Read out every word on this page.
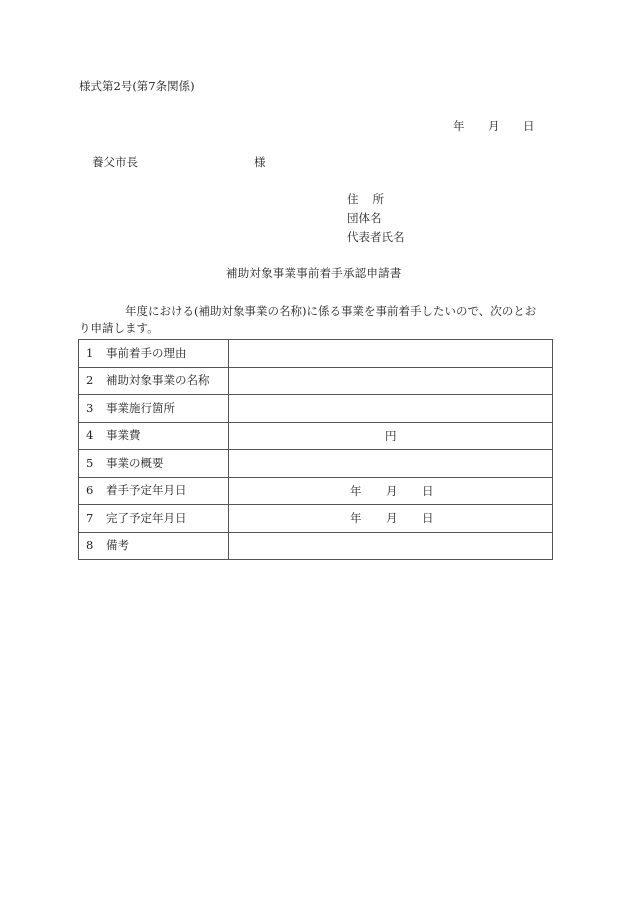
様式第2号(第7条関係)
年 月 日
養父市長	様
住 所
団体名
代表者氏名
補助対象事業事前着手承認申請書
年度における(補助対象事業の名称)に係る事業を事前着手したいので、次のとお
り申請します。
1 事前着手の理由	
2 補助対象事業の名称	
3 事業施行箇所	
4 事業費	円

5 事業の概要	
6 着手予定年月日	年 月 日

7 完了予定年月日	年 月 日

8 備考	
